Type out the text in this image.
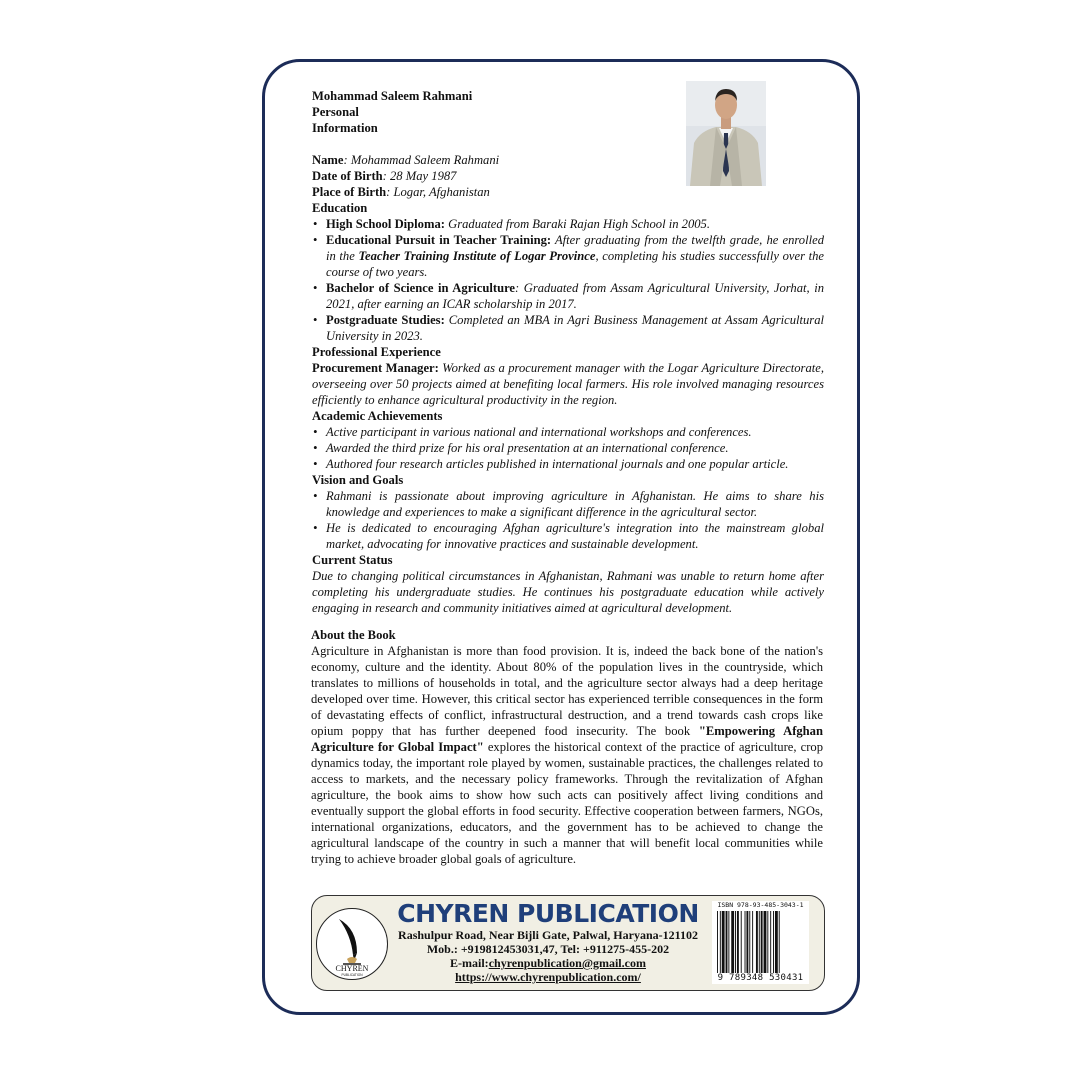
Mohammad Saleem Rahmani
Personal
Information
Name: Mohammad Saleem Rahmani
Date of Birth: 28 May 1987
Place of Birth: Logar, Afghanistan
Education
• High School Diploma: Graduated from Baraki Rajan High School in 2005.
• Educational Pursuit in Teacher Training: After graduating from the twelfth grade, he enrolled in the Teacher Training Institute of Logar Province, completing his studies successfully over the course of two years.
• Bachelor of Science in Agriculture: Graduated from Assam Agricultural University, Jorhat, in 2021, after earning an ICAR scholarship in 2017.
• Postgraduate Studies: Completed an MBA in Agri Business Management at Assam Agricultural University in 2023.
Professional Experience
Procurement Manager: Worked as a procurement manager with the Logar Agriculture Directorate, overseeing over 50 projects aimed at benefiting local farmers. His role involved managing resources efficiently to enhance agricultural productivity in the region.
Academic Achievements
• Active participant in various national and international workshops and conferences.
• Awarded the third prize for his oral presentation at an international conference.
• Authored four research articles published in international journals and one popular article.
Vision and Goals
• Rahmani is passionate about improving agriculture in Afghanistan. He aims to share his knowledge and experiences to make a significant difference in the agricultural sector.
• He is dedicated to encouraging Afghan agriculture's integration into the mainstream global market, advocating for innovative practices and sustainable development.
Current Status
Due to changing political circumstances in Afghanistan, Rahmani was unable to return home after completing his undergraduate studies. He continues his postgraduate education while actively engaging in research and community initiatives aimed at agricultural development.
About the Book
Agriculture in Afghanistan is more than food provision. It is, indeed the back bone of the nation's economy, culture and the identity. About 80% of the population lives in the countryside, which translates to millions of households in total, and the agriculture sector always had a deep heritage developed over time. However, this critical sector has experienced terrible consequences in the form of devastating effects of conflict, infrastructural destruction, and a trend towards cash crops like opium poppy that has further deepened food insecurity. The book "Empowering Afghan Agriculture for Global Impact" explores the historical context of the practice of agriculture, crop dynamics today, the important role played by women, sustainable practices, the challenges related to access to markets, and the necessary policy frameworks. Through the revitalization of Afghan agriculture, the book aims to show how such acts can positively affect living conditions and eventually support the global efforts in food security. Effective cooperation between farmers, NGOs, international organizations, educators, and the government has to be achieved to change the agricultural landscape of the country in such a manner that will benefit local communities while trying to achieve broader global goals of agriculture.
CHYREN
PUBLICATION
CHYREN PUBLICATION
Rashulpur Road, Near Bijli Gate, Palwal, Haryana-121102
Mob.: +919812453031,47, Tel: +911275-455-202
E-mail:chyrenpublication@gmail.com
https://www.chyrenpublication.com/
ISBN 978-93-485-3043-1
9 789348 530431
